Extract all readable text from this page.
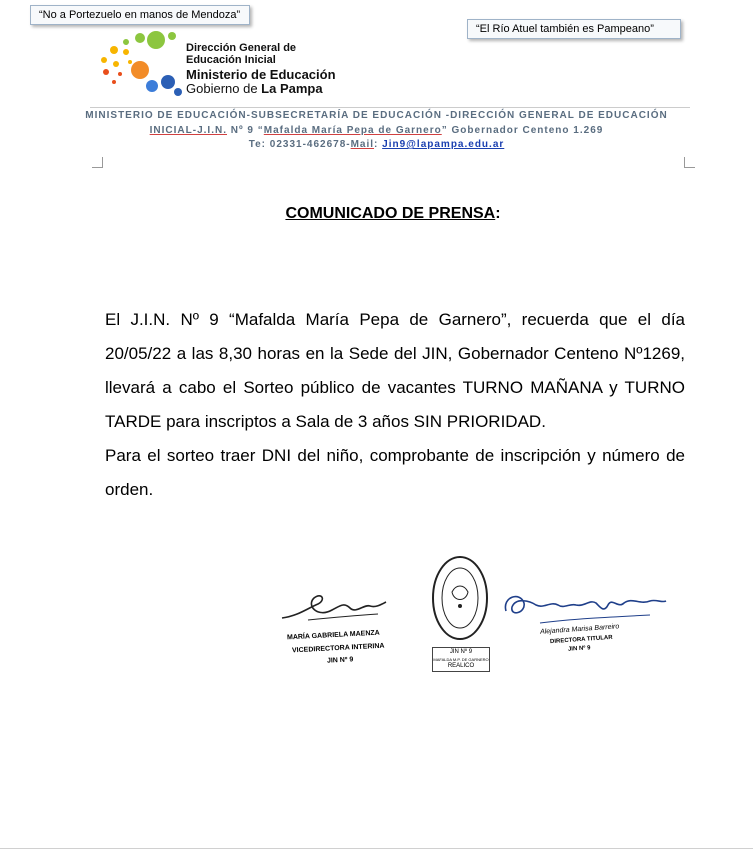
“No a Portezuelo en manos de Mendoza”
“El Río Atuel también es Pampeano”
Dirección General de
Educación Inicial
Ministerio de Educación
Gobierno de La Pampa
MINISTERIO DE EDUCACIÓN-SUBSECRETARÍA DE EDUCACIÓN -DIRECCIÓN GENERAL DE EDUCACIÓN
INICIAL-J.I.N. Nº 9 “Mafalda María Pepa de Garnero” Gobernador Centeno 1.269
Te: 02331-462678-Mail: Jin9@lapampa.edu.ar
COMUNICADO DE PRENSA:

El J.I.N. Nº 9 “Mafalda María Pepa de Garnero”, recuerda que el día 20/05/22 a las 8,30 horas en la Sede del JIN, Gobernador Centeno Nº1269, llevará a cabo el Sorteo público de vacantes TURNO MAÑANA y TURNO TARDE para inscriptos a Sala de 3 años SIN PRIORIDAD.

Para el sorteo traer DNI del niño, comprobante de inscripción y número de orden.

MARÍA GABRIELA MAENZA
VICEDIRECTORA INTERINA
JIN Nº 9
JIN Nº 9
MAFALDA M.P. DE GARNERO
REALICO
Alejandra Marisa Barreiro
DIRECTORA TITULAR
JIN Nº 9
